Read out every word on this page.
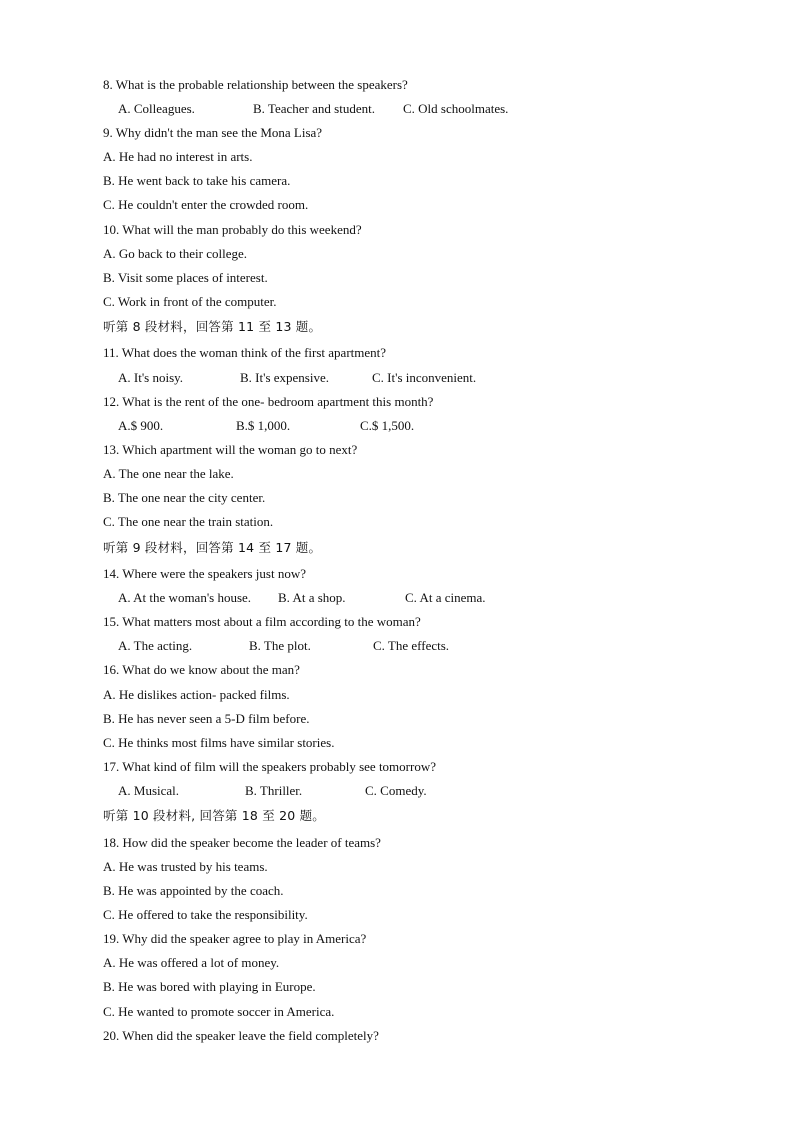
8. What is the probable relationship between the speakers?
A. Colleagues.	B. Teacher and student. C. Old schoolmates.
9. Why didn't the man see the Mona Lisa?
A. He had no interest in arts.
B. He went back to take his camera.
C. He couldn't enter the crowded room.
10. What will the man probably do this weekend?
A. Go back to their college.
B. Visit some places of interest.
C. Work in front of the computer.
听第 8 段材料，回答第 11 至 13 题。
11. What does the woman think of the first apartment?
A. It's noisy.	B. It's expensive.	C. It's inconvenient.
12. What is the rent of the one- bedroom apartment this month?
A.$ 900.	B.$ 1,000.	C.$ 1,500.
13. Which apartment will the woman go to next?
A. The one near the lake.
B. The one near the city center.
C. The one near the train station.
听第 9 段材料，回答第 14 至 17 题。
14. Where were the speakers just now?
A. At the woman's house. B. At a shop.	C. At a cinema.
15. What matters most about a film according to the woman?
A. The acting.	B. The plot.	C. The effects.
16. What do we know about the man?
A. He dislikes action- packed films.
B. He has never seen a 5-D film before.
C. He thinks most films have similar stories.
17. What kind of film will the speakers probably see tomorrow?
A. Musical.	B. Thriller.	C. Comedy.
听第 10 段材料, 回答第 18 至 20 题。
18. How did the speaker become the leader of teams?
A. He was trusted by his teams.
B. He was appointed by the coach.
C. He offered to take the responsibility.
19. Why did the speaker agree to play in America?
A. He was offered a lot of money.
B. He was bored with playing in Europe.
C. He wanted to promote soccer in America.
20. When did the speaker leave the field completely?
